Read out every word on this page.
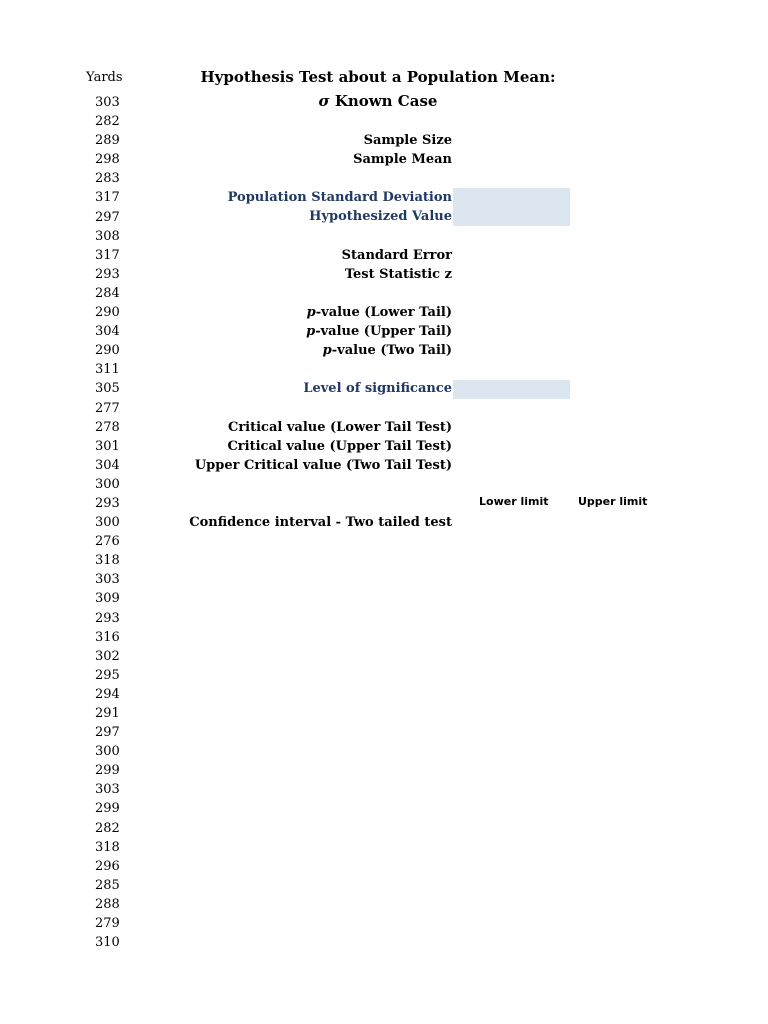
Yards
303
282
289
298
283
317
297
308
317
293
284
290
304
290
311
305
277
278
301
304
300
293
300
276
318
303
309
293
316
302
295
294
291
297
300
299
303
299
282
318
296
285
288
279
310
Hypothesis Test about a Population Mean:
σ Known Case
Sample Size
Sample Mean
Population Standard Deviation
Hypothesized Value
Standard Error
Test Statistic z
p-value (Lower Tail)
p-value (Upper Tail)
p-value (Two Tail)
Level of significance
Critical value (Lower Tail Test)
Critical value (Upper Tail Test)
Upper Critical value (Two Tail Test)
Lower limit	Upper limit
Confidence interval - Two tailed test
